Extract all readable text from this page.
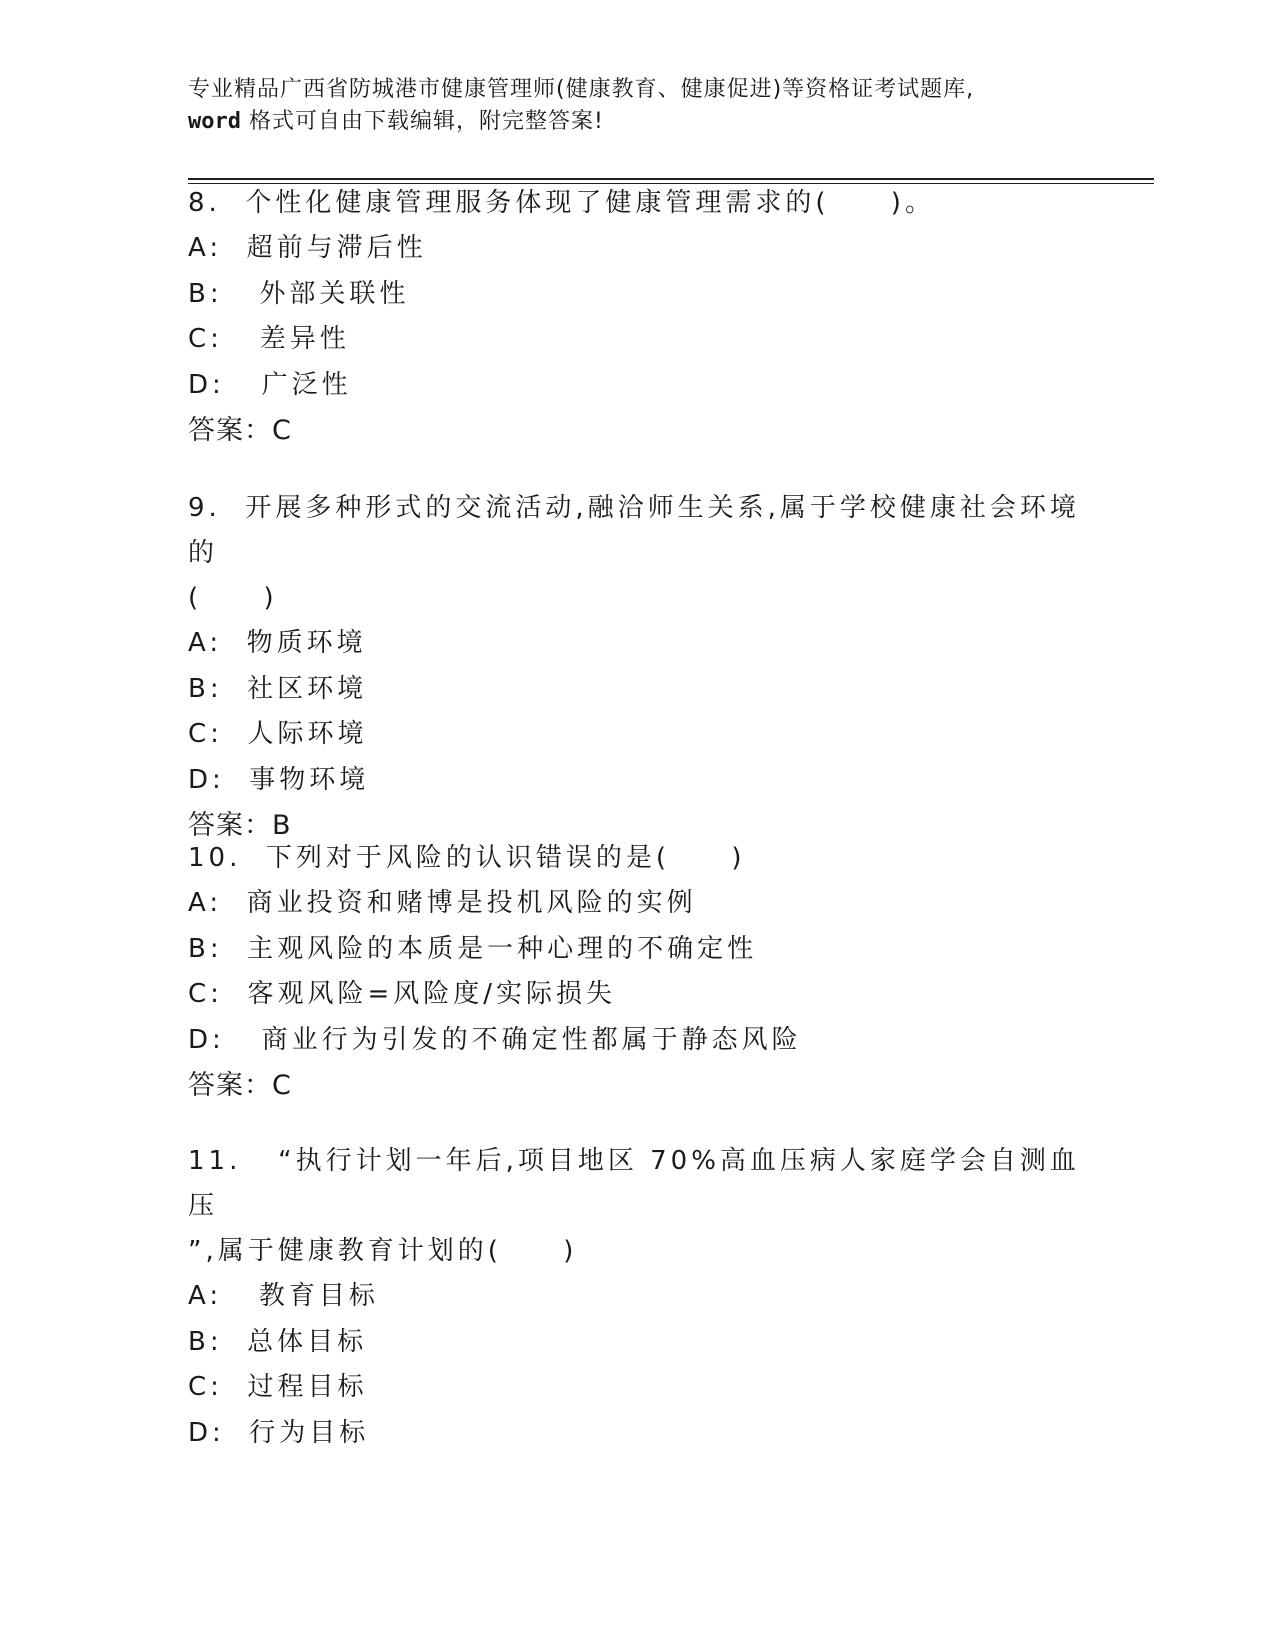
专业精品广西省防城港市健康管理师(健康教育、健康促进)等资格证考试题库,
word 格式可自由下载编辑，附完整答案!

8.  个性化健康管理服务体现了健康管理需求的(     )。

A:  超前与滞后性

B:   外部关联性

C:   差异性

D:   广泛性

答案：C

9.  开展多种形式的交流活动,融洽师生关系,属于学校健康社会环境的
(     )

A:  物质环境

B:  社区环境

C:  人际环境

D:  事物环境

答案：B

10.  下列对于风险的认识错误的是(     )

A:  商业投资和赌博是投机风险的实例

B:  主观风险的本质是一种心理的不确定性

C:  客观风险=风险度/实际损失

D:   商业行为引发的不确定性都属于静态风险

答案：C

11.   “执行计划一年后,项目地区 70%高血压病人家庭学会自测血压
”,属于健康教育计划的(     )

A:   教育目标

B:  总体目标

C:  过程目标

D:  行为目标
